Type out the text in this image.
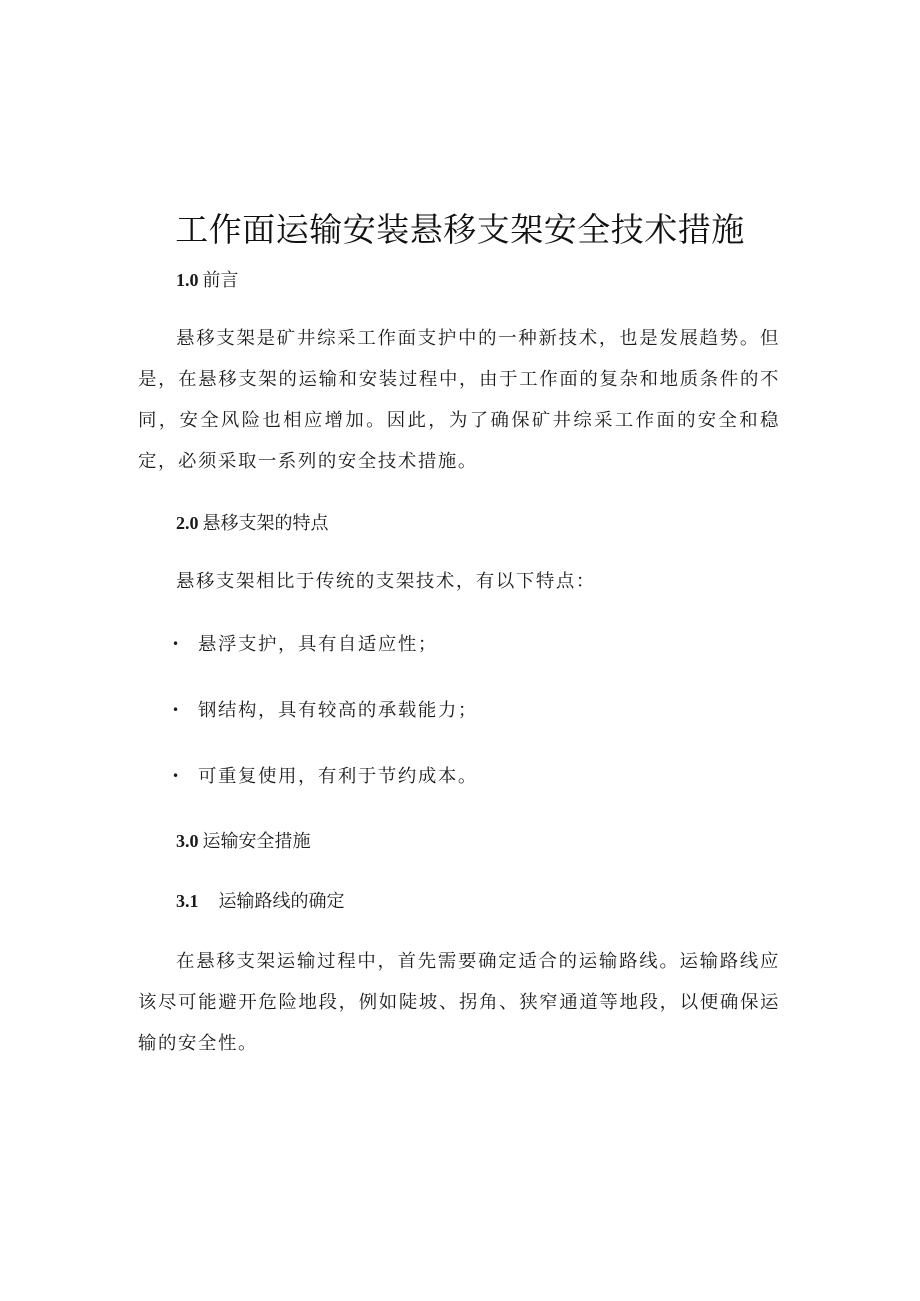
工作面运输安装悬移支架安全技术措施
1.0 前言
悬移支架是矿井综采工作面支护中的一种新技术，也是发展趋势。但是，在悬移支架的运输和安装过程中，由于工作面的复杂和地质条件的不同，安全风险也相应增加。因此，为了确保矿井综采工作面的安全和稳定，必须采取一系列的安全技术措施。
2.0 悬移支架的特点
悬移支架相比于传统的支架技术，有以下特点：
• 悬浮支护，具有自适应性；
• 钢结构，具有较高的承载能力；
• 可重复使用，有利于节约成本。
3.0 运输安全措施
3.1 运输路线的确定
在悬移支架运输过程中，首先需要确定适合的运输路线。运输路线应该尽可能避开危险地段，例如陡坡、拐角、狭窄通道等地段，以便确保运输的安全性。
